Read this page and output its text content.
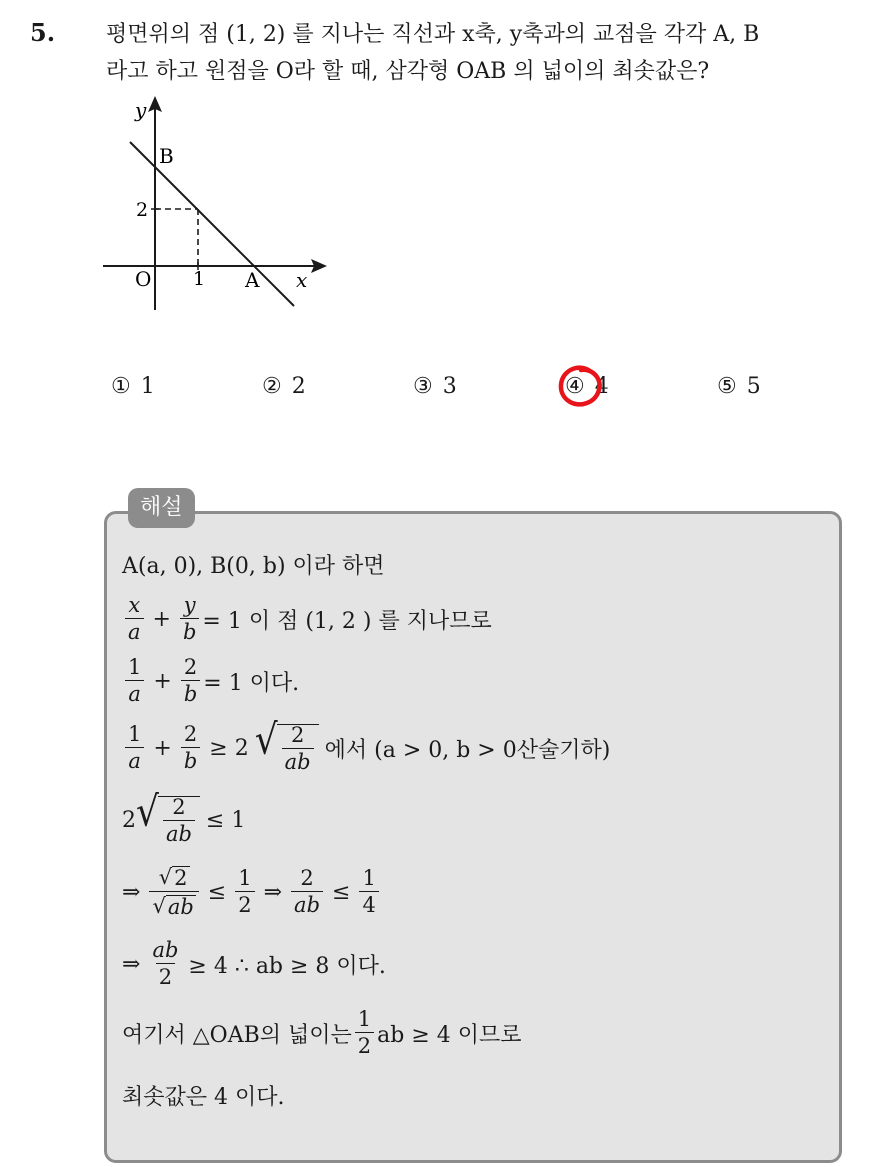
5. 평면위의 점 (1, 2) 를 지나는 직선과 x축, y축과의 교점을 각각 A, B
라고 하고 원점을 O라 할 때, 삼각형 OAB 의 넓이의 최솟값은?
y
B
2
O 1 A x
① 1	② 2	③ 3	④ 4	⑤ 5
해설
A(a, 0), B(0, b) 이라 하면
$\frac{x}{a} + \frac{y}{b} = 1$ 이 점 (1, 2 ) 를 지나므로
$\frac{1}{a} + \frac{2}{b} = 1$ 이다.
$\frac{1}{a} + \frac{2}{b} \ge 2$ √ $\frac{2}{ab}$ 에서 (a > 0, b > 0산술기하)
2 √ $\frac{2}{ab} \le 1$
⇒ $\frac{√ 2}{√ ab} \le \frac{1}{2}$ ⇒ $\frac{2}{ab} \le \frac{1}{4}$
⇒ $\frac{ab}{2} \ge 4$ ∴ ab ≥ 8 이다.
여기서 △OAB의 넓이는 $\frac{1}{2}$ ab ≥ 4 이므로
최솟값은 4 이다.
